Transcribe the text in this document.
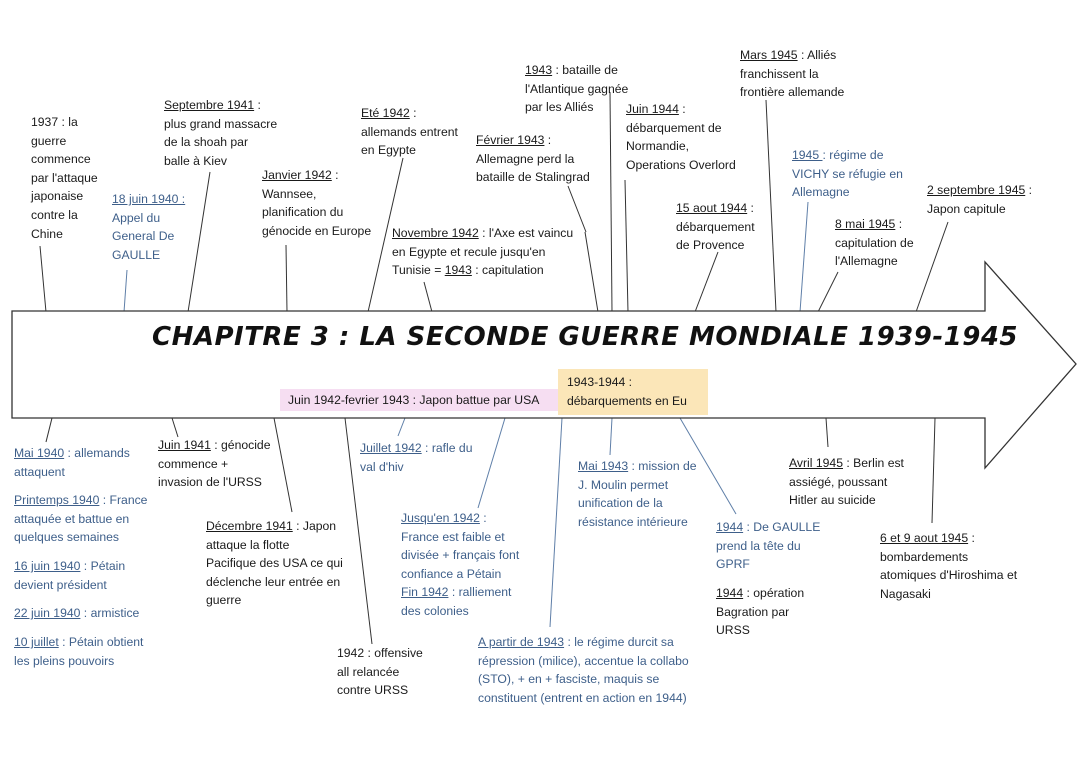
CHAPITRE 3 : LA SECONDE GUERRE MONDIALE 1939-1945
Juin 1942-fevrier 1943 : Japon battue par USA
1943-1944 :
débarquements en Eu
1937 : la
guerre
commence
par l'attaque
japonaise
contre la
Chine
18 juin 1940 :
Appel du
General De
GAULLE
Septembre 1941 :
plus grand massacre
de la shoah par
balle à Kiev
Janvier 1942 :
Wannsee,
planification du
génocide en Europe
Eté 1942 :
allemands entrent
en Egypte
Novembre 1942 : l'Axe est vaincu
en Egypte et recule jusqu'en
Tunisie = 1943 : capitulation
Février 1943 :
Allemagne perd la
bataille de Stalingrad
1943 : bataille de
l'Atlantique gagnée
par les Alliés	Juin 1944 :
débarquement de
Normandie,
Operations Overlord
15 aout 1944 :
débarquement
de Provence
Mars 1945 : Alliés
franchissent la
frontière allemande
1945 : régime de
VICHY se réfugie en
Allemagne
8 mai 1945 :
capitulation de
l'Allemagne
2 septembre 1945 :
Japon capitule
Mai 1940 : allemands
attaquent
Printemps 1940 : France
attaquée et battue en
quelques semaines
16 juin 1940 : Pétain
devient président
22 juin 1940 : armistice
10 juillet : Pétain obtient
les pleins pouvoirs
Juin 1941 : génocide
commence +
invasion de l'URSS
Décembre 1941 : Japon
attaque la flotte
Pacifique des USA ce qui
déclenche leur entrée en
guerre
1942 : offensive
all relancée
contre URSS
Juillet 1942 : rafle du
val d'hiv
Jusqu'en 1942 :
France est faible et
divisée + français font
confiance a Pétain
Fin 1942 : ralliement
des colonies
A partir de 1943 : le régime durcit sa
répression (milice), accentue la collabo
(STO), + en + fasciste, maquis se
constituent (entrent en action en 1944)
Mai 1943 : mission de
J. Moulin permet
unification de la
résistance intérieure	1944 : De GAULLE
prend la tête du
GPRF
1944 : opération
Bagration par
URSS
Avril 1945 : Berlin est
assiégé, poussant
Hitler au suicide
6 et 9 aout 1945 :
bombardements
atomiques d'Hiroshima et
Nagasaki
